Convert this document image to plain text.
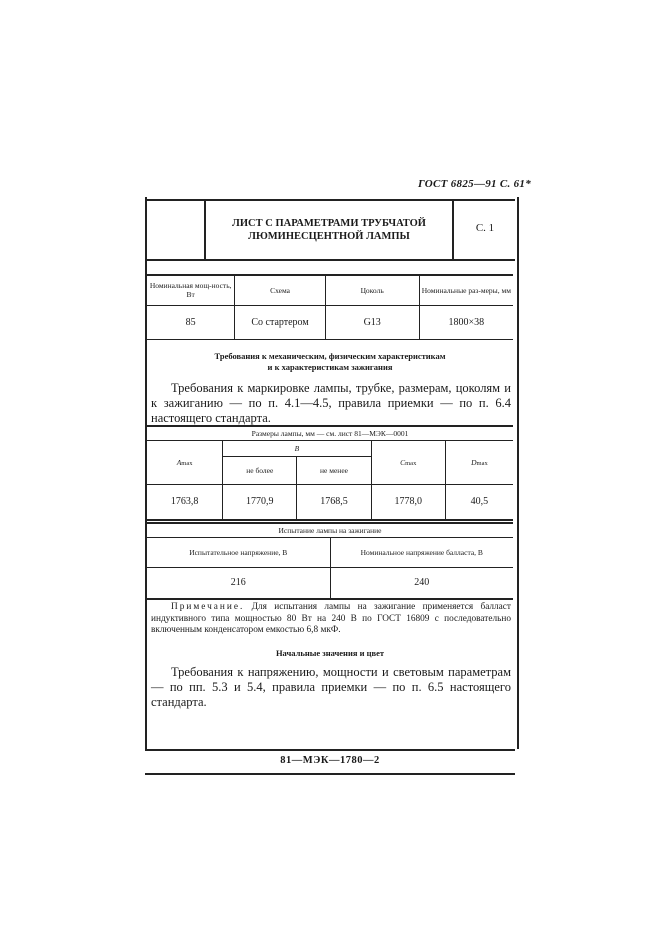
ГОСТ 6825—91 С. 61*
ЛИСТ С ПАРАМЕТРАМИ ТРУБЧАТОЙ
ЛЮМИНЕСЦЕНТНОЙ ЛАМПЫ
С. 1
Номинальная мощ-ность, Вт	Схема	Цоколь	Номинальные раз-меры, мм
85	Со стартером	G13	1800×38
Требования к механическим, физическим характеристикам
и к характеристикам зажигания
Требования к маркировке лампы, трубке, размерам, цоколям и к зажиганию — по п. 4.1—4.5, правила приемки — по п. 6.4 настоящего стандарта.
Размеры лампы, мм — см. лист 81—МЭК—0001				
Amax	B		Cmax	Dmax
	не более	не менее		
1763,8	1770,9	1768,5	1778,0	40,5
Испытание лампы на зажигание	
Испытательное напряжение, В	Номинальное напряжение балласта, В
216	240
Примечание. Для испытания лампы на зажигание применяется балласт индуктивного типа мощностью 80 Вт на 240 В по ГОСТ 16809 с последовательно включенным конденсатором емкостью 6,8 мкФ.
Начальные значения и цвет
Требования к напряжению, мощности и световым параметрам — по пп. 5.3 и 5.4, правила приемки — по п. 6.5 настоящего стандарта.
81—МЭК—1780—2
